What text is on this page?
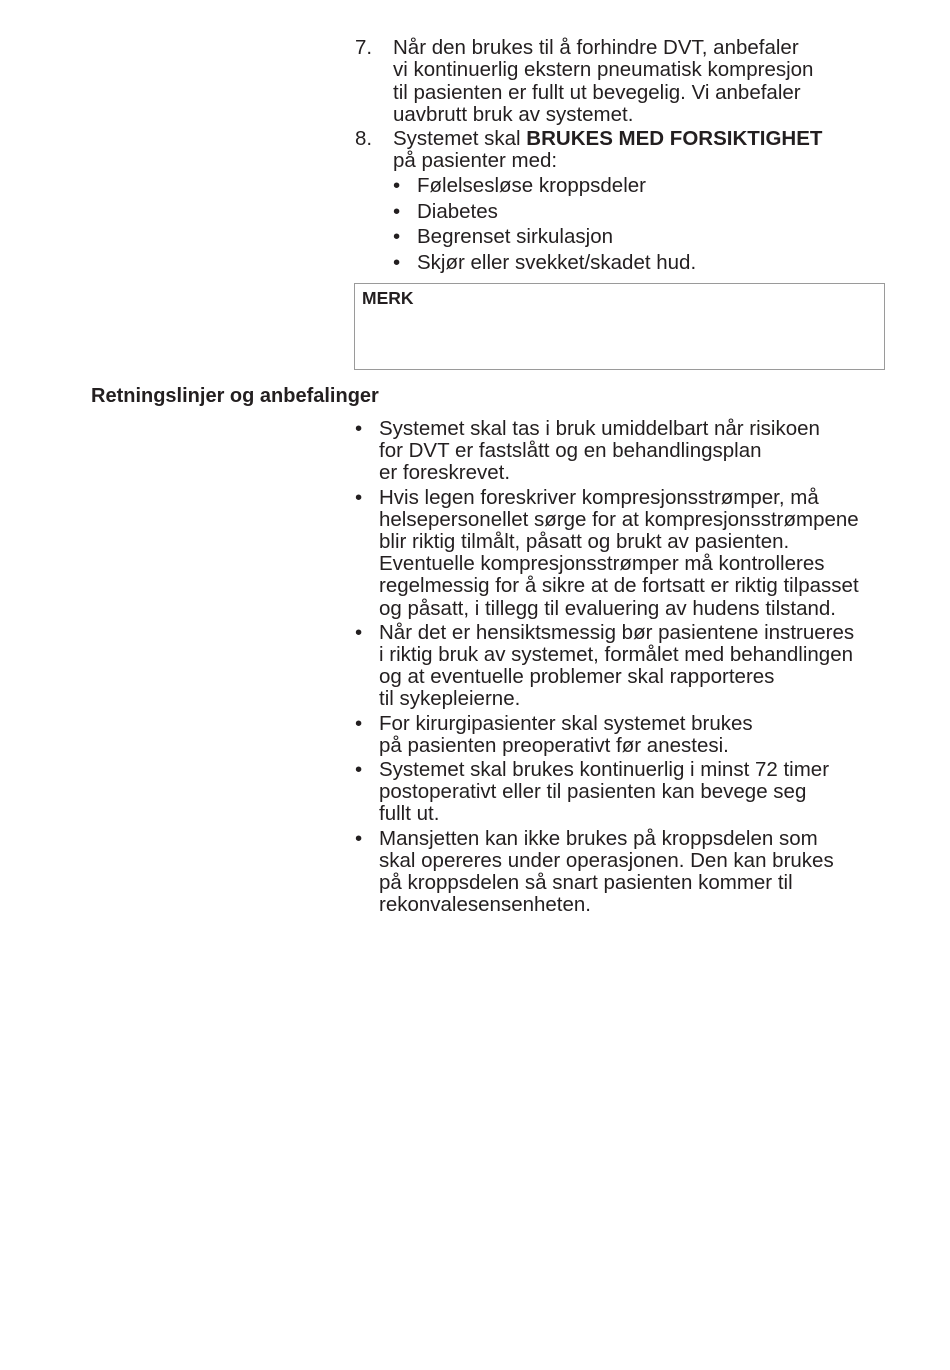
7. Når den brukes til å forhindre DVT, anbefaler
vi kontinuerlig ekstern pneumatisk kompresjon
til pasienten er fullt ut bevegelig. Vi anbefaler
uavbrutt bruk av systemet.
8. Systemet skal BRUKES MED FORSIKTIGHET
på pasienter med:
• Følelsesløse kroppsdeler
• Diabetes
• Begrenset sirkulasjon
• Skjør eller svekket/skadet hud.
MERK
Retningslinjer og anbefalinger
• Systemet skal tas i bruk umiddelbart når risikoen
for DVT er fastslått og en behandlingsplan
er foreskrevet.
• Hvis legen foreskriver kompresjonsstrømper, må
helsepersonellet sørge for at kompresjonsstrømpene
blir riktig tilmålt, påsatt og brukt av pasienten.
Eventuelle kompresjonsstrømper må kontrolleres
regelmessig for å sikre at de fortsatt er riktig tilpasset
og påsatt, i tillegg til evaluering av hudens tilstand.
• Når det er hensiktsmessig bør pasientene instrueres
i riktig bruk av systemet, formålet med behandlingen
og at eventuelle problemer skal rapporteres
til sykepleierne.
• For kirurgipasienter skal systemet brukes
på pasienten preoperativt før anestesi.
• Systemet skal brukes kontinuerlig i minst 72 timer
postoperativt eller til pasienten kan bevege seg
fullt ut.
• Mansjetten kan ikke brukes på kroppsdelen som
skal opereres under operasjonen. Den kan brukes
på kroppsdelen så snart pasienten kommer til
rekonvalesensenheten.
